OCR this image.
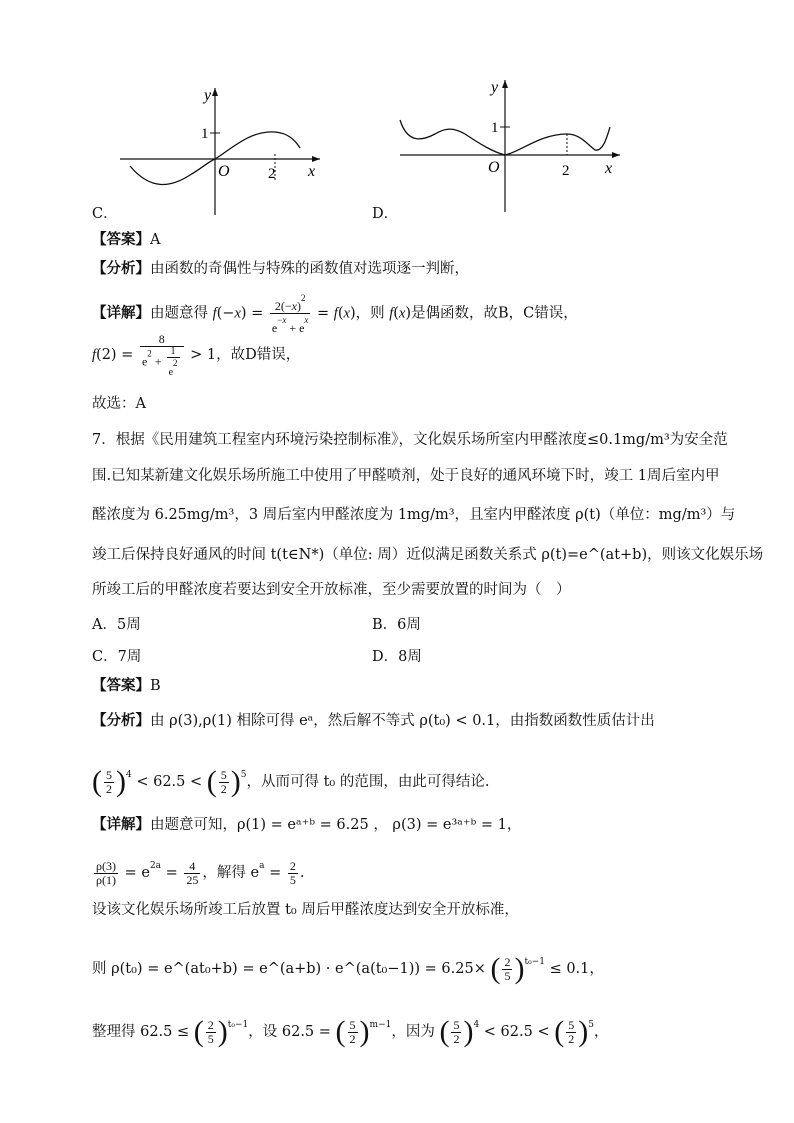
y
1
O	2 x
C．
y
1
O	2 x
D．
【答案】A
【分析】由函数的奇偶性与特殊的函数值对选项逐一判断，
【详解】由题意得 $f(-x) = \frac{2(-x)^2}{e^{-x} + e^x} = f(x)$，则 f(x)是偶函数，故B，C错误，
$f(2) = \frac{8}{e^2 + \frac{1}{e^2}} > 1$，故D错误，
故选：A
7．根据《民用建筑工程室内环境污染控制标准》，文化娱乐场所室内甲醛浓度≤0.1mg/m³为安全范
围.已知某新建文化娱乐场所施工中使用了甲醛喷剂，处于良好的通风环境下时，竣工 1周后室内甲
醛浓度为 6.25mg/m³，3 周后室内甲醛浓度为 1mg/m³，且室内甲醛浓度 ρ(t)（单位：mg/m³）与
竣工后保持良好通风的时间 t(t∈N*)（单位: 周）近似满足函数关系式 ρ(t)=e^(at+b)，则该文化娱乐场
所竣工后的甲醛浓度若要达到安全开放标准，至少需要放置的时间为（　）
A．5周	B．6周
C．7周	D．8周
【答案】B
【分析】由 ρ(3),ρ(1) 相除可得 eᵃ，然后解不等式 ρ(t₀) < 0.1，由指数函数性质估计出
( $\frac{5}{2} )^4 < 62.5$ < ( $\frac{5}{2} )^5$，从而可得 t₀ 的范围，由此可得结论.
【详解】由题意可知，ρ(1) = eᵃ⁺ᵇ = 6.25 ， ρ(3) = e³ᵃ⁺ᵇ = 1，
$\frac{\rho(3)}{\rho(1)} = e^{2a} = \frac{4}{25}$ ，解得 $e^a = \frac{2}{5}$ .
设该文化娱乐场所竣工后放置 t₀ 周后甲醛浓度达到安全开放标准，
则 ρ(t₀) = e^(at₀+b) = e^(a+b) · e^(a(t₀−1)) = 6.25× ( $\frac{2}{5} )^{t_0-1} \le 0.1$，
整理得 62.5 ≤ ( $\frac{2}{5} )^{t_0-1}$，设 62.5 = ( $\frac{5}{2} )^{m-1}$，因为 ( $\frac{5}{2} )^4 < 62.5$ < ( $\frac{5}{2} )^5$，
